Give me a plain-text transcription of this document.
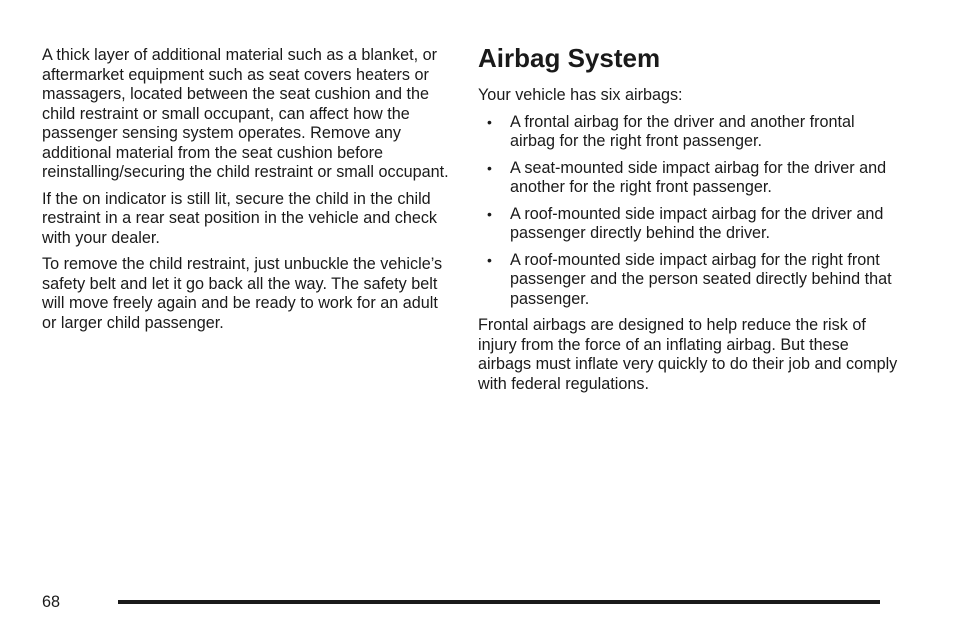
A thick layer of additional material such as a blanket, or aftermarket equipment such as seat covers heaters or massagers, located between the seat cushion and the child restraint or small occupant, can affect how the passenger sensing system operates. Remove any additional material from the seat cushion before reinstalling/securing the child restraint or small occupant.

If the on indicator is still lit, secure the child in the child restraint in a rear seat position in the vehicle and check with your dealer.

To remove the child restraint, just unbuckle the vehicle’s safety belt and let it go back all the way. The safety belt will move freely again and be ready to work for an adult or larger child passenger.

Airbag System

Your vehicle has six airbags:

• A frontal airbag for the driver and another frontal airbag for the right front passenger.
• A seat-mounted side impact airbag for the driver and another for the right front passenger.
• A roof-mounted side impact airbag for the driver and passenger directly behind the driver.
• A roof-mounted side impact airbag for the right front passenger and the person seated directly behind that passenger.

Frontal airbags are designed to help reduce the risk of injury from the force of an inflating airbag. But these airbags must inflate very quickly to do their job and comply with federal regulations.

68
